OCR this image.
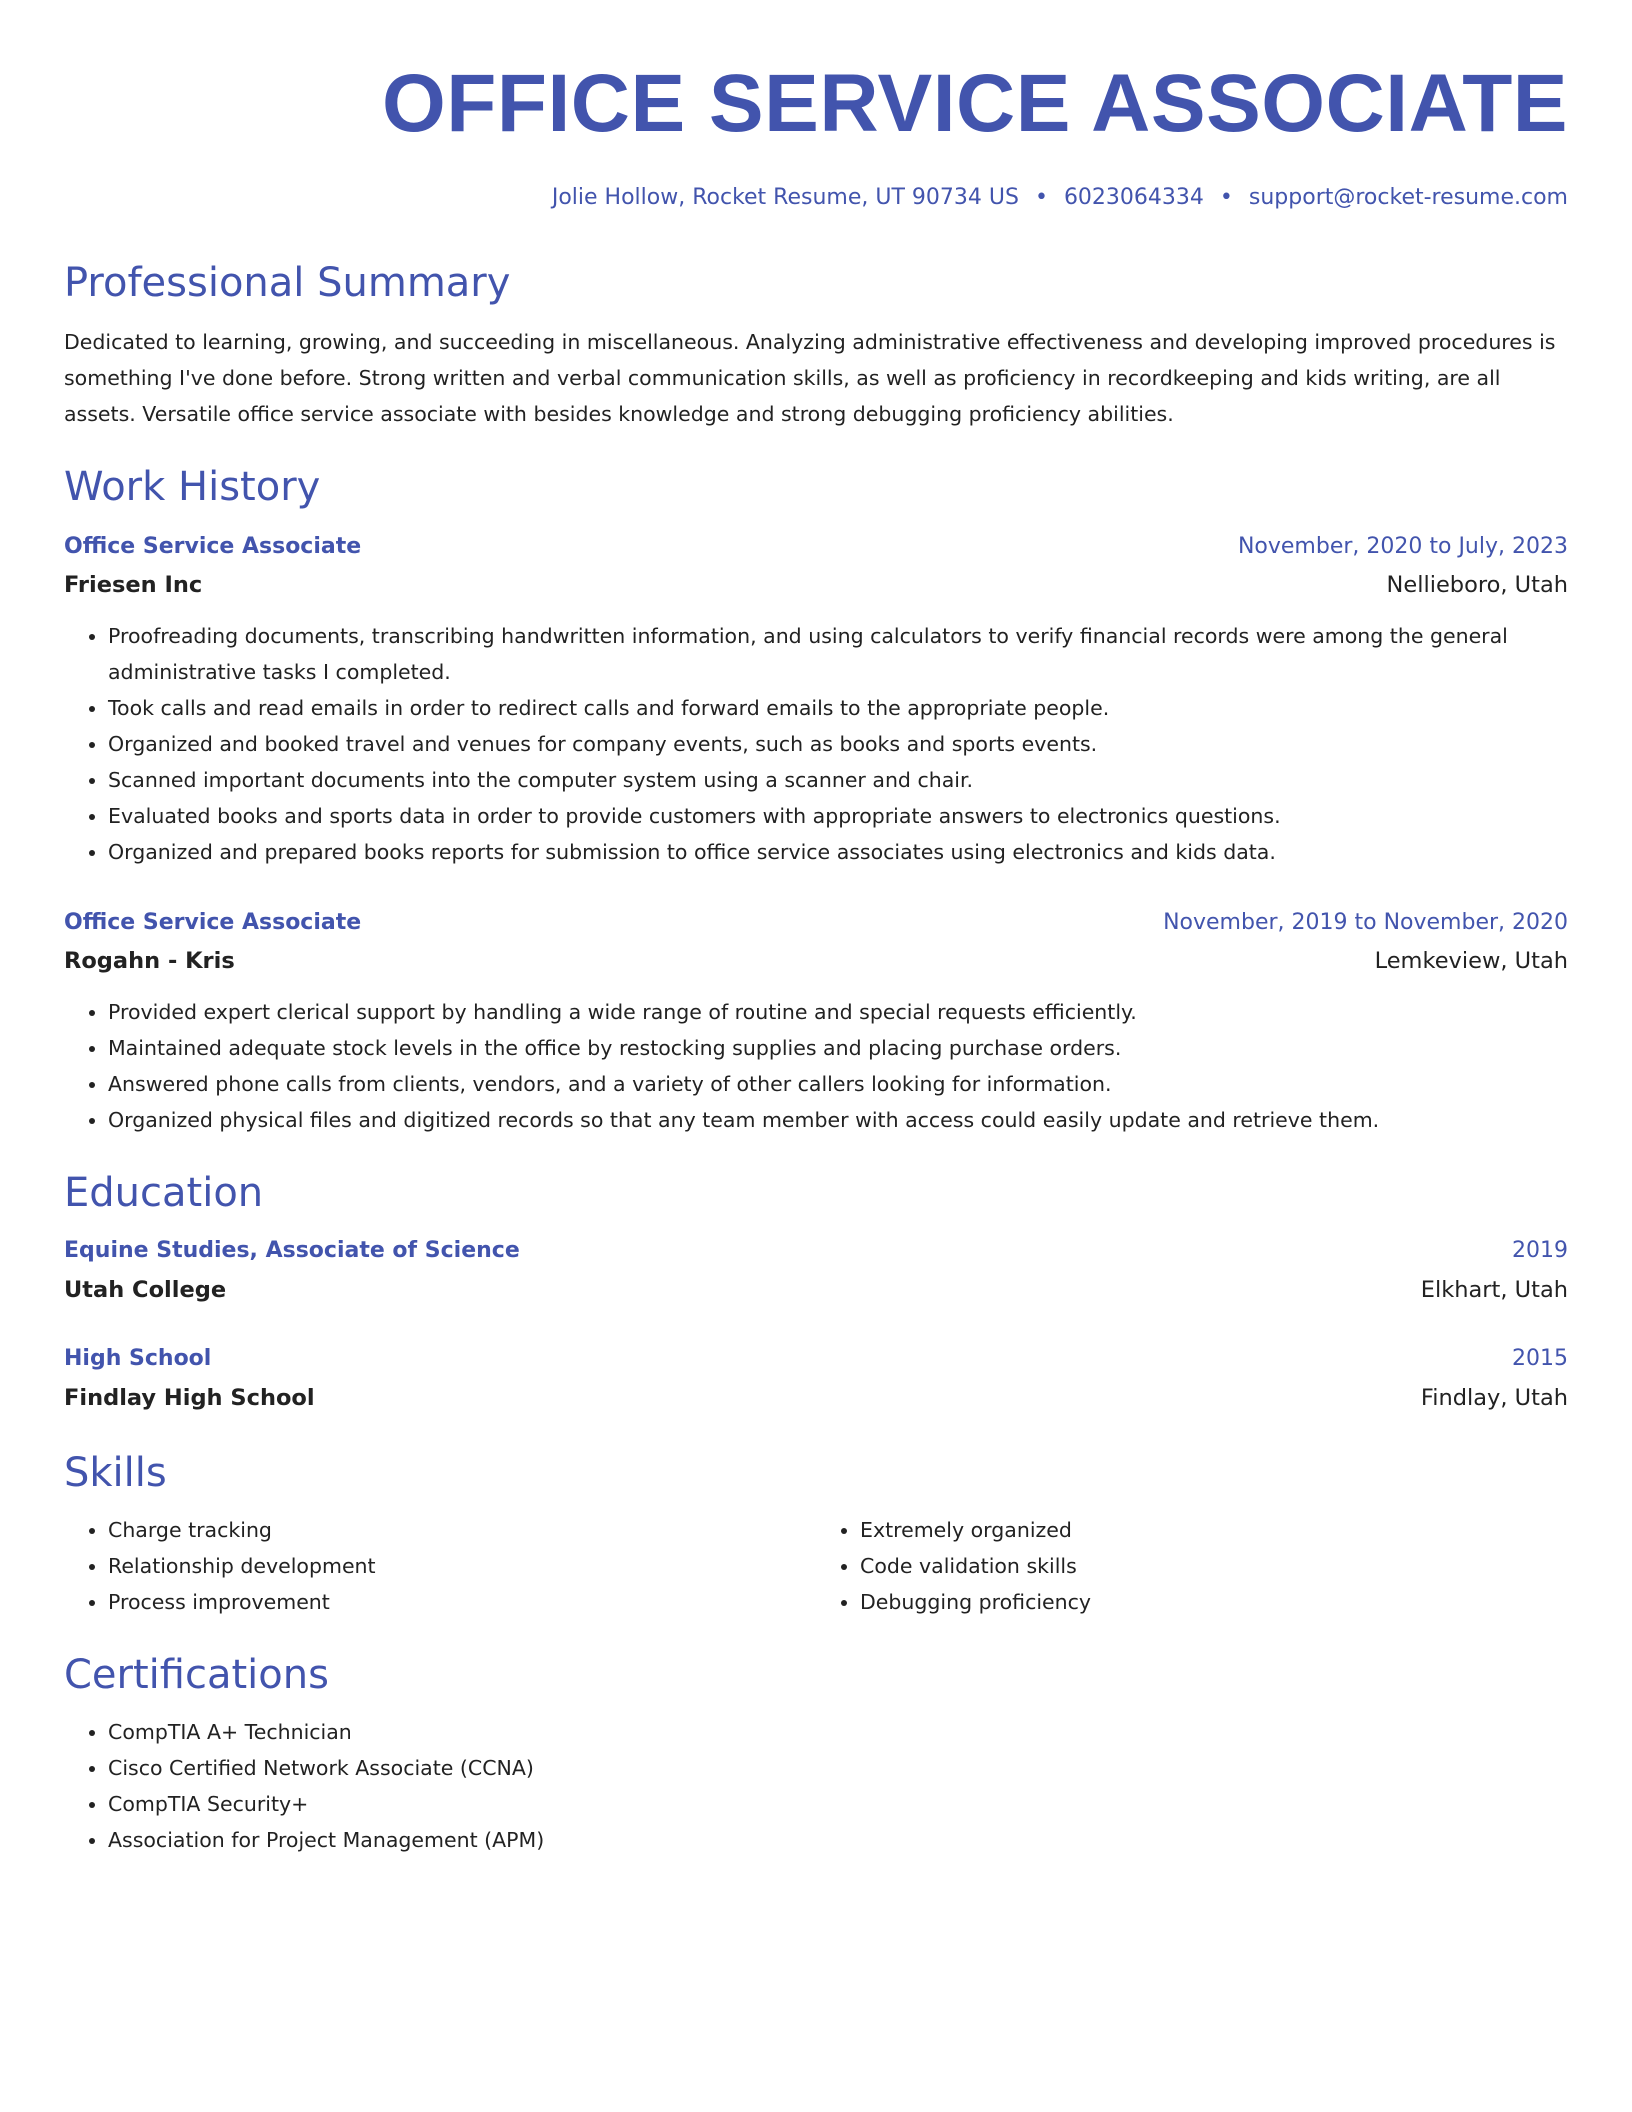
OFFICE SERVICE ASSOCIATE
Jolie Hollow, Rocket Resume, UT 90734 US • 6023064334 • support@rocket-resume.com
Professional Summary

Dedicated to learning, growing, and succeeding in miscellaneous. Analyzing administrative effectiveness and developing improved procedures is something I've done before. Strong written and verbal communication skills, as well as proficiency in recordkeeping and kids writing, are all assets. Versatile office service associate with besides knowledge and strong debugging proficiency abilities.

Work History
Office Service Associate	November, 2020 to July, 2023
Friesen Inc	Nellieboro, Utah
• Proofreading documents, transcribing handwritten information, and using calculators to verify financial records were among the general administrative tasks I completed.
• Took calls and read emails in order to redirect calls and forward emails to the appropriate people.
• Organized and booked travel and venues for company events, such as books and sports events.
• Scanned important documents into the computer system using a scanner and chair.
• Evaluated books and sports data in order to provide customers with appropriate answers to electronics questions.
• Organized and prepared books reports for submission to office service associates using electronics and kids data.
Office Service Associate	November, 2019 to November, 2020
Rogahn - Kris	Lemkeview, Utah
• Provided expert clerical support by handling a wide range of routine and special requests efficiently.
• Maintained adequate stock levels in the office by restocking supplies and placing purchase orders.
• Answered phone calls from clients, vendors, and a variety of other callers looking for information.
• Organized physical files and digitized records so that any team member with access could easily update and retrieve them.
Education
Equine Studies, Associate of Science	2019
Utah College	Elkhart, Utah
High School	2015
Findlay High School	Findlay, Utah
Skills
• Charge tracking
• Relationship development
• Process improvement
• Extremely organized
• Code validation skills
• Debugging proficiency
Certifications
• CompTIA A+ Technician
• Cisco Certified Network Associate (CCNA)
• CompTIA Security+
• Association for Project Management (APM)
